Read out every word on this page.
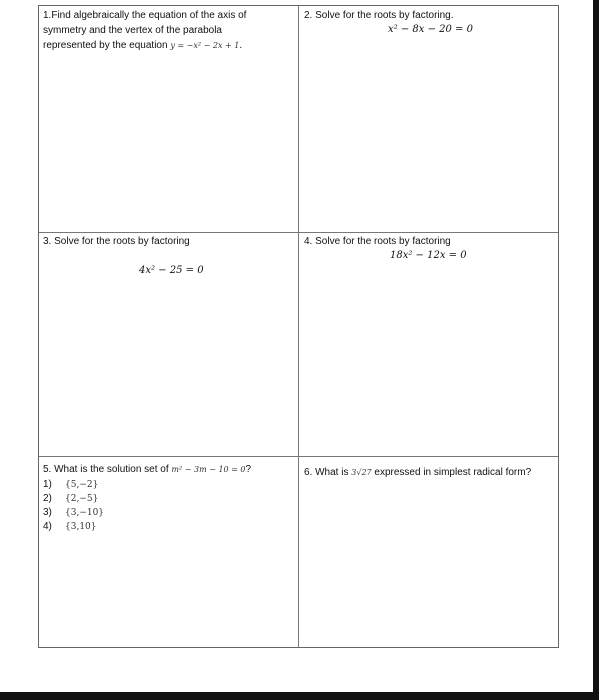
1.Find algebraically the equation of the axis of
symmetry and the vertex of the parabola
represented by the equation y = −x² − 2x + 1.
2. Solve for the roots by factoring.
x² − 8x − 20 = 0
3. Solve for the roots by factoring
4x² − 25 = 0
4. Solve for the roots by factoring
18x² − 12x = 0
5. What is the solution set of m² − 3m − 10 = 0?
1)	{5,−2}
2)	{2,−5}
3)	{3,−10}
4)	{3,10}
6. What is 3√27 expressed in simplest radical form?
